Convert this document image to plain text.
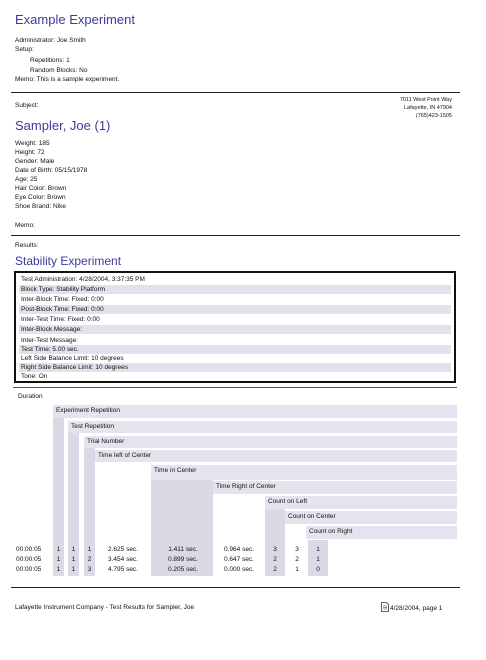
Example Experiment
Administrator: Joe Smith
Setup:
Repetitions: 1
Random Blocks: No
Memo: This is a sample experiment.
Subject:
7011 West Point Way
Lafayette, IN 47904
(765)423-1505
Sampler, Joe (1)
Weight: 185
Height: 72
Gender: Male
Date of Birth: 05/15/1978
Age: 25
Hair Color: Brown
Eye Color: Brown
Shoe Brand: Nike
Memo:
Results:
Stability Experiment
Test Administration: 4/28/2004, 3:37:35 PM
Block Type: Stability Platform
Inter-Block Time: Fixed: 0:00
Post-Block Time: Fixed: 0:00
Inter-Test Time: Fixed: 0:00
Inter-Block Message:
Inter-Test Message:
Test Time: 5.00 sec.
Left Side Balance Limit: 10 degrees
Right Side Balance Limit: 10 degrees
Tone: On
Duration
Experiment Repetition
Test Repetition
Trial Number
Time left of Center
Time in Center
Time Right of Center
Count on Left
Count on Center
Count on Right
00:00:05	1	1	1	2.625 sec.	1.411 sec.	0.964 sec.	3	3	1
00:00:05	1	1	2	3.454 sec.	0.899 sec.	0.647 sec.	2	2	1
00:00:05	1	1	3	4.795 sec.	0.205 sec.	0.000 sec.	2	1	0
Lafayette Instrument Company - Test Results for Sampler, Joe	4/28/2004, page 1
